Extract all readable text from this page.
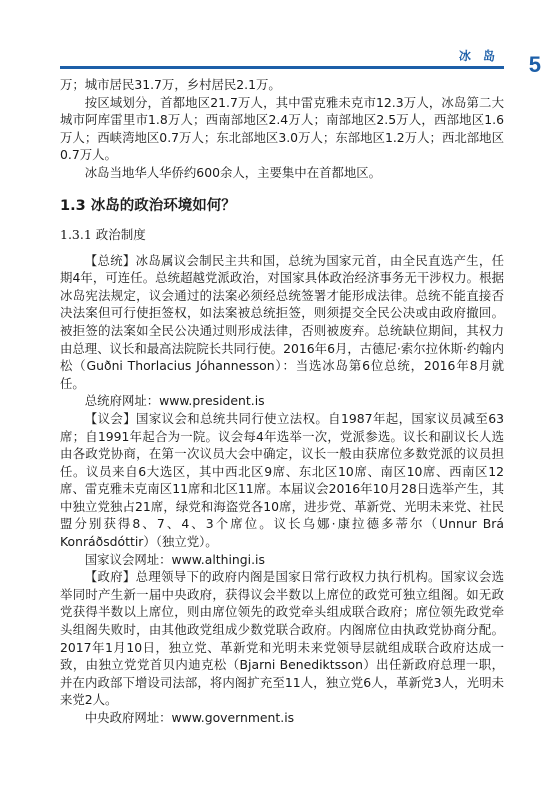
冰 岛 5

万；城市居民31.7万，乡村居民2.1万。

按区域划分，首都地区21.7万人，其中雷克雅未克市12.3万人，冰岛第二大城市阿库雷里市1.8万人；西南部地区2.4万人；南部地区2.5万人，西部地区1.6万人；西峡湾地区0.7万人；东北部地区3.0万人；东部地区1.2万人；西北部地区0.7万人。

冰岛当地华人华侨约600余人，主要集中在首都地区。

1.3 冰岛的政治环境如何？
1.3.1 政治制度

【总统】冰岛属议会制民主共和国，总统为国家元首，由全民直选产生，任期4年，可连任。总统超越党派政治，对国家具体政治经济事务无干涉权力。根据冰岛宪法规定，议会通过的法案必须经总统签署才能形成法律。总统不能直接否决法案但可行使拒签权，如法案被总统拒签，则须提交全民公决或由政府撤回。被拒签的法案如全民公决通过则形成法律，否则被废弃。总统缺位期间，其权力由总理、议长和最高法院院长共同行使。2016年6月，古德尼·索尔拉休斯·约翰内松（Guðni Thorlacius Jóhannesson）：当选冰岛第6位总统，2016年8月就任。

总统府网址：www.president.is

【议会】国家议会和总统共同行使立法权。自1987年起，国家议员减至63席；自1991年起合为一院。议会每4年选举一次，党派参选。议长和副议长人选由各政党协商，在第一次议员大会中确定，议长一般由获席位多数党派的议员担任。议员来自6大选区，其中西北区9席、东北区10席、南区10席、西南区12席、雷克雅未克南区11席和北区11席。本届议会2016年10月28日选举产生，其中独立党独占21席，绿党和海盗党各10席，进步党、革新党、光明未来党、社民盟分别获得8、7、4、3个席位。议长乌娜·康拉德多蒂尔（Unnur Brá Konráðsdóttir）（独立党）。

国家议会网址：www.althingi.is

【政府】总理领导下的政府内阁是国家日常行政权力执行机构。国家议会选举同时产生新一届中央政府，获得议会半数以上席位的政党可独立组阁。如无政党获得半数以上席位，则由席位领先的政党牵头组成联合政府；席位领先政党牵头组阁失败时，由其他政党组成少数党联合政府。内阁席位由执政党协商分配。2017年1月10日，独立党、革新党和光明未来党领导层就组成联合政府达成一致，由独立党党首贝内迪克松（Bjarni Benediktsson）出任新政府总理一职，并在内政部下增设司法部，将内阁扩充至11人，独立党6人，革新党3人，光明未来党2人。

中央政府网址：www.government.is
